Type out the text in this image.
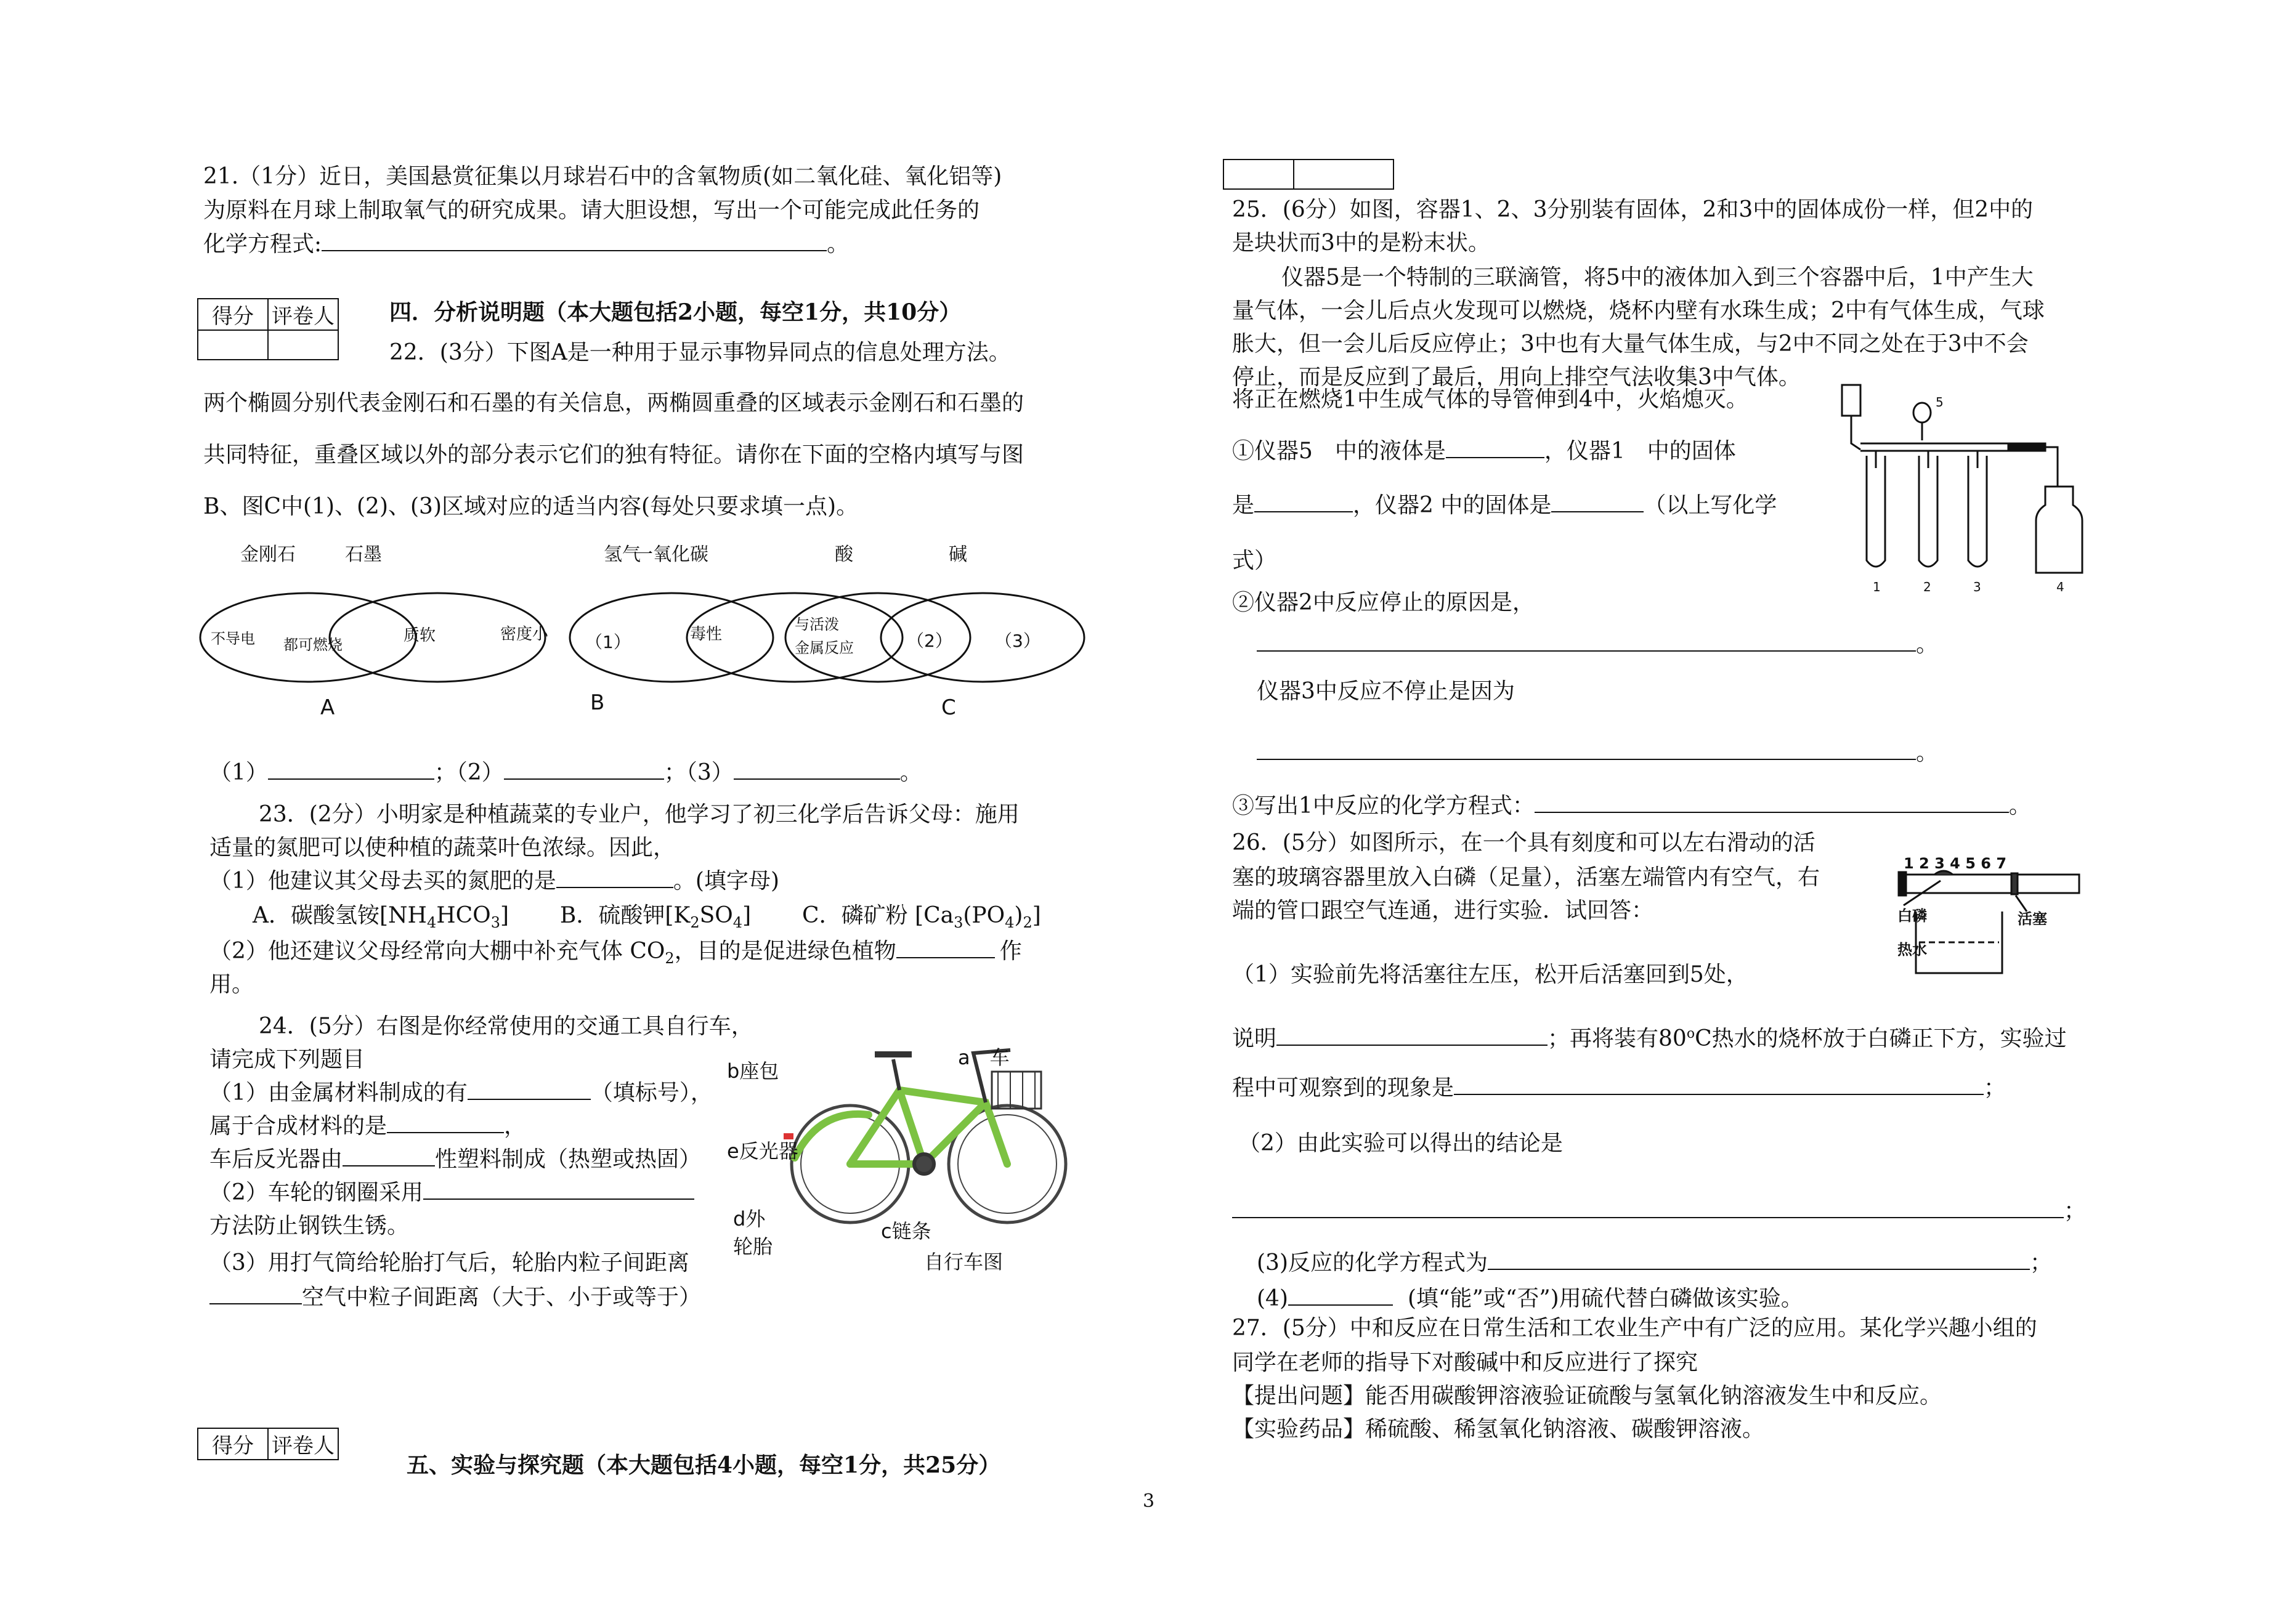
21.（1分）近日，美国悬赏征集以月球岩石中的含氧物质(如二氧化硅、氧化铝等)
为原料在月球上制取氧气的研究成果。请大胆设想，写出一个可能完成此任务的
化学方程式:	。
得分	评卷人
	四．分析说明题（本大题包括2小题，每空1分，共10分）
22．(3分）下图A是一种用于显示事物异同点的信息处理方法。
两个椭圆分别代表金刚石和石墨的有关信息，两椭圆重叠的区域表示金刚石和石墨的
共同特征，重叠区域以外的部分表示它们的独有特征。请你在下面的空格内填写与图
B、图C中(1)、(2)、(3)区域对应的适当内容(每处只要求填一点)。
金刚石	石墨
不导电 都可燃烧	质软
A
氢气
一氧化碳
密度小 （1）	毒性
B
酸	碱
与活泼
金属反应	（2） （3）
C
（1）	；（2）	；（3）	。
23．(2分）小明家是种植蔬菜的专业户，他学习了初三化学后告诉父母：施用
适量的氮肥可以使种植的蔬菜叶色浓绿。因此，
（1）他建议其父母去买的氮肥的是	。(填字母)
A．碳酸氢铵$[NH_4HCO_3]$ B．硫酸钾$[K_2SO_4]$ C．磷矿粉 $[Ca_3(PO_4)_2]$
（2）他还建议父母经常向大棚中补充气体 $CO_2$，目的是促进绿色植物	作
用。
24．(5分）右图是你经常使用的交通工具自行车，
请完成下列题目
（1）由金属材料制成的有	（填标号），
属于合成材料的是	，
车后反光器由	性塑料制成（热塑或热固）
（2）车轮的钢圈采用
方法防止钢铁生锈。
（3）用打气筒给轮胎打气后，轮胎内粒子间距离
空气中粒子间距离（大于、小于或等于）
a　车
b座包
e反光器
d外
轮胎
c链条
自行车图
得分	评卷人
五、实验与探究题（本大题包括4小题，每空1分，共25分）

25．(6分）如图，容器1、2、3分别装有固体，2和3中的固体成份一样，但2中的
是块状而3中的是粉末状。
仪器5是一个特制的三联滴管，将5中的液体加入到三个容器中后，1中产生大
量气体，一会儿后点火发现可以燃烧，烧杯内壁有水珠生成；2中有气体生成，气球
胀大，但一会儿后反应停止；3中也有大量气体生成，与2中不同之处在于3中不会
停止，而是反应到了最后，用向上排空气法收集3中气体。
将正在燃烧1中生成气体的导管伸到4中，火焰熄灭。
①仪器5　中的液体是	，仪器1　中的固体
是	，仪器2 中的固体是	（以上写化学
式）
②仪器2中反应停止的原因是，
。
仪器3中反应不停止是因为
。
③写出1中反应的化学方程式：	。
1	2	3	4
5
26．(5分）如图所示，在一个具有刻度和可以左右滑动的活
塞的玻璃容器里放入白磷（足量），活塞左端管内有空气，右
端的管口跟空气连通，进行实验．试回答：
（1）实验前先将活塞往左压，松开后活塞回到5处，
说明	；再将装有80$^o$C热水的烧杯放于白磷正下方，实验过
程中可观察到的现象是	；
（2）由此实验可以得出的结论是
；
(3)反应的化学方程式为	；
(4)	(填“能”或“否”)用硫代替白磷做该实验。
1 2 3 4 5 6 7
白磷
热水
活塞
27．(5分）中和反应在日常生活和工农业生产中有广泛的应用。某化学兴趣小组的
同学在老师的指导下对酸碱中和反应进行了探究
【提出问题】能否用碳酸钾溶液验证硫酸与氢氧化钠溶液发生中和反应。
【实验药品】稀硫酸、稀氢氧化钠溶液、碳酸钾溶液。
3
